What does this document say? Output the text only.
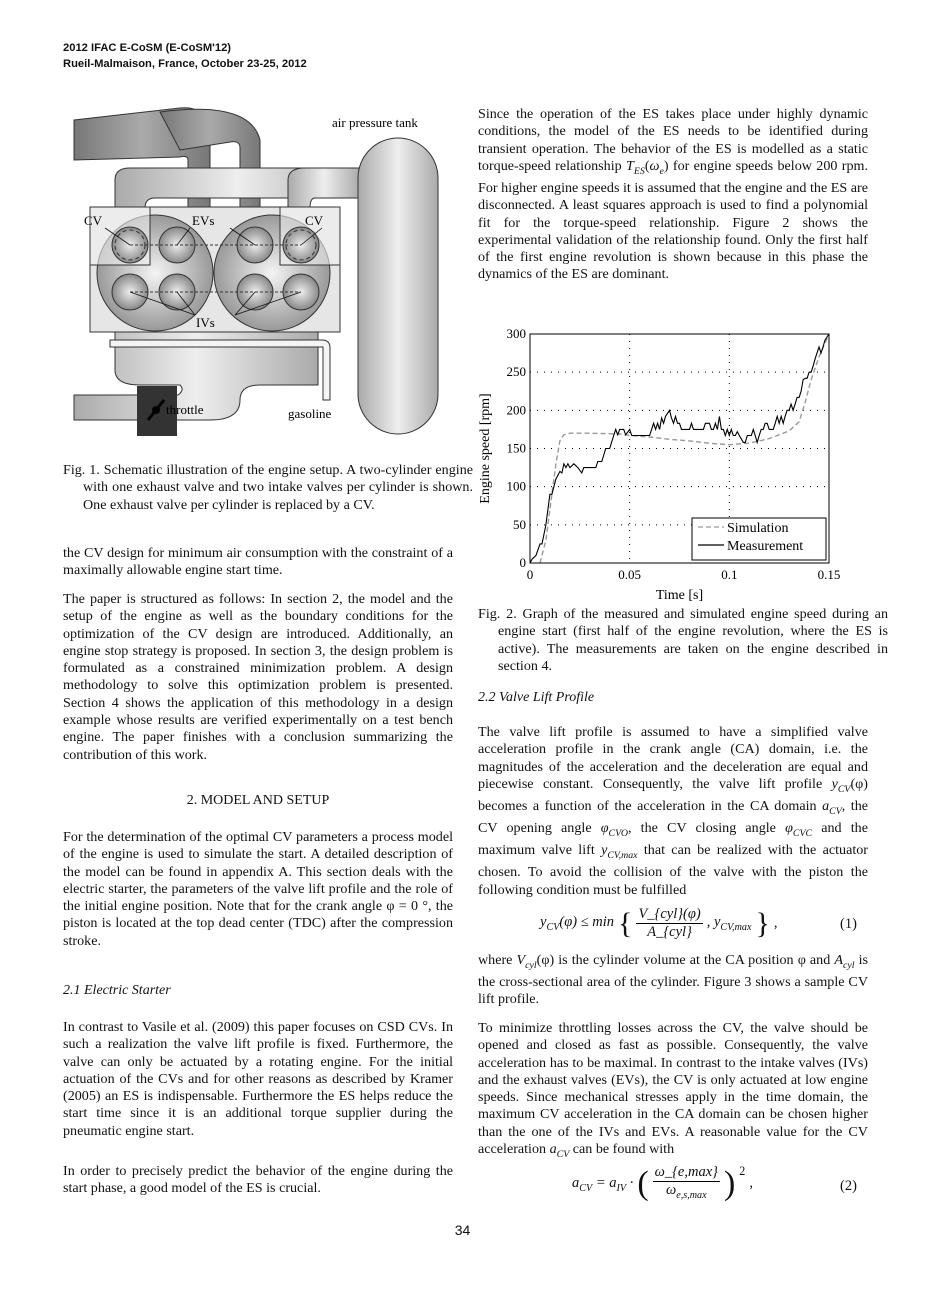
2012 IFAC E-CoSM (E-CoSM'12)
Rueil-Malmaison, France, October 23-25, 2012
air pressure tank
CV	EVs	CV
IVs
throttle	gasoline
Fig. 1. Schematic illustration of the engine setup. A two-cylinder engine with one exhaust valve and two intake valves per cylinder is shown. One exhaust valve per cylinder is replaced by a CV.
the CV design for minimum air consumption with the constraint of a maximally allowable engine start time.
The paper is structured as follows: In section 2, the model and the setup of the engine as well as the boundary conditions for the optimization of the CV design are introduced. Additionally, an engine stop strategy is proposed. In section 3, the design problem is formulated as a constrained minimization problem. A design methodology to solve this optimization problem is presented. Section 4 shows the application of this methodology in a design example whose results are verified experimentally on a test bench engine. The paper finishes with a conclusion summarizing the contribution of this work.
2. MODEL AND SETUP
For the determination of the optimal CV parameters a process model of the engine is used to simulate the start. A detailed description of the model can be found in appendix A. This section deals with the electric starter, the parameters of the valve lift profile and the role of the initial engine position. Note that for the crank angle φ = 0 °, the piston is located at the top dead center (TDC) after the compression stroke.
2.1 Electric Starter
In contrast to Vasile et al. (2009) this paper focuses on CSD CVs. In such a realization the valve lift profile is fixed. Furthermore, the valve can only be actuated by a rotating engine. For the initial actuation of the CVs and for other reasons as described by Kramer (2005) an ES is indispensable. Furthermore the ES helps reduce the start time since it is an additional torque supplier during the pneumatic engine start.
In order to precisely predict the behavior of the engine during the start phase, a good model of the ES is crucial.
Since the operation of the ES takes place under highly dynamic conditions, the model of the ES needs to be identified during transient operation. The behavior of the ES is modelled as a static torque-speed relationship $T_{ES}(\omega_e)$ for engine speeds below 200 rpm. For higher engine speeds it is assumed that the engine and the ES are disconnected. A least squares approach is used to find a polynomial fit for the torque-speed relationship. Figure 2 shows the experimental validation of the relationship found. Only the first half of the first engine revolution is shown because in this phase the dynamics of the ES are dominant.
0	0.05	0.1	0.15
0
50
100
150
200
250
300
Simulation
Measurement
Time [s]
Engine speed [rpm]
Fig. 2. Graph of the measured and simulated engine speed during an engine start (first half of the engine revolution, where the ES is active). The measurements are taken on the engine described in section 4.
2.2 Valve Lift Profile
The valve lift profile is assumed to have a simplified valve acceleration profile in the crank angle (CA) domain, i.e. the magnitudes of the acceleration and the deceleration are equal and piecewise constant. Consequently, the valve lift profile $y_{CV}(\varphi)$ becomes a function of the acceleration in the CA domain $a_{CV}$, the CV opening angle $\varphi_{CVO}$, the CV closing angle $\varphi_{CVC}$ and the maximum valve lift $y_{CV,max}$ that can be realized with the actuator chosen. To avoid the collision of the valve with the piston the following condition must be fulfilled
$y_{CV}(\varphi) \le \min$ { V_{cyl}(φ)
A_{cyl}
, $y_{CV,max}$ } ,	(1)
where $V_{cyl}(\varphi)$ is the cylinder volume at the CA position φ and $A_{cyl}$ is the cross-sectional area of the cylinder. Figure 3 shows a sample CV lift profile.
To minimize throttling losses across the CV, the valve should be opened and closed as fast as possible. Consequently, the valve acceleration has to be maximal. In contrast to the intake valves (IVs) and the exhaust valves (EVs), the CV is only actuated at low engine speeds. Since mechanical stresses apply in the time domain, the maximum CV acceleration in the CA domain can be chosen higher than the one of the IVs and EVs. A reasonable value for the CV acceleration $a_{CV}$ can be found with
$a_{CV} = a_{IV}$ · ( ω_{e,max}
$\omega_{e,s,max}$ ) $^2$
,	(2)
34
